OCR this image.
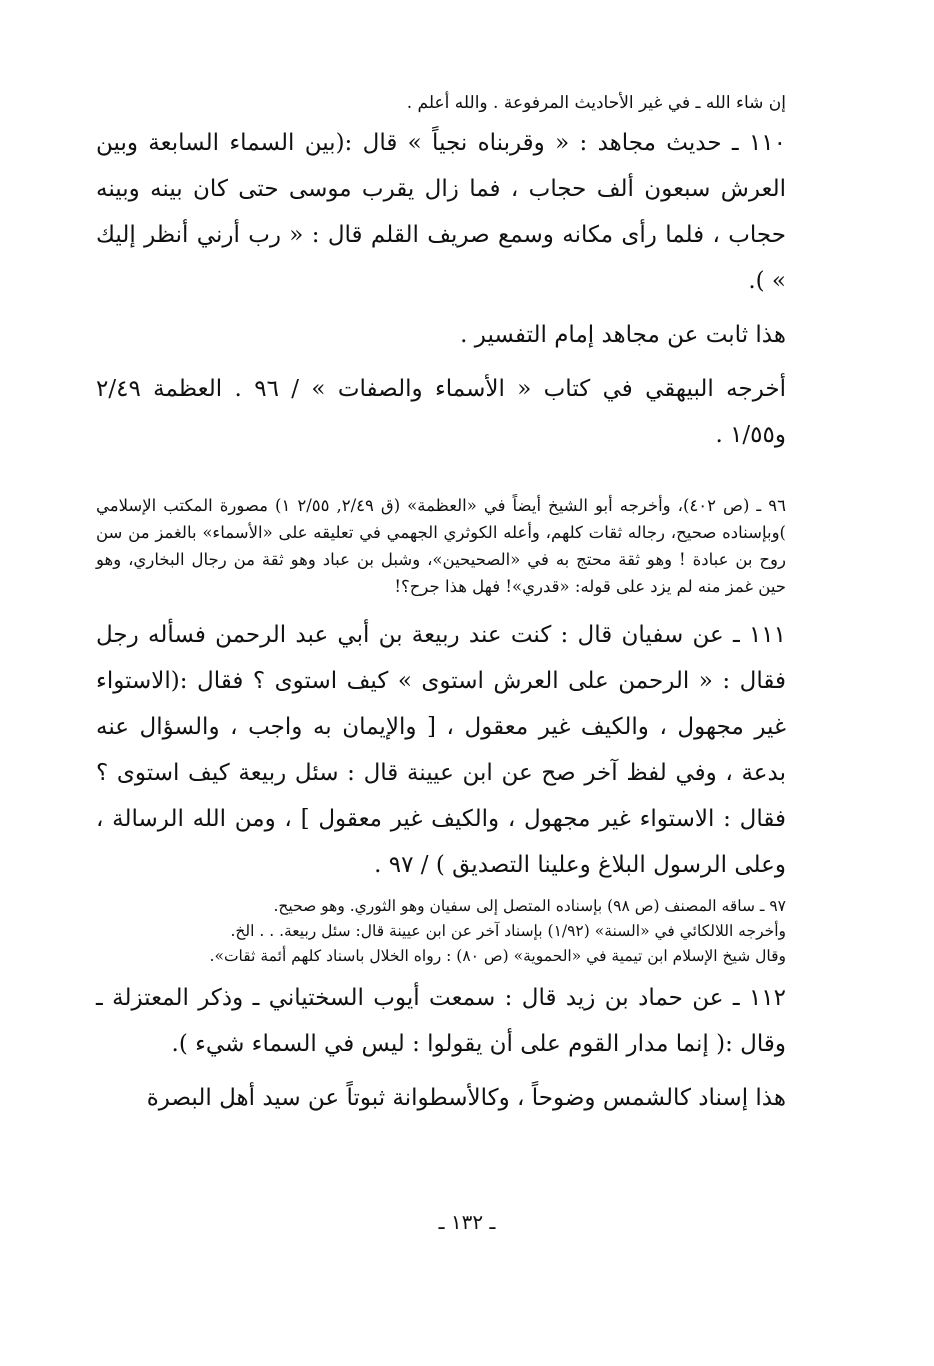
إن شاء الله ـ في غير الأحاديث المرفوعة . والله أعلم .

١١٠ ـ حديث مجاهد : « وقربناه نجياً » قال :(بين السماء السابعة وبين العرش سبعون ألف حجاب ، فما زال يقرب موسى حتى كان بينه وبينه حجاب ، فلما رأى مكانه وسمع صريف القلم قال : « رب أرني أنظر إليك » ).

هذا ثابت عن مجاهد إمام التفسير .

أخرجه البيهقي في كتاب « الأسماء والصفات » / ٩٦ . العظمة ٢/٤٩ و١/٥٥ .

٩٦ ـ (ص ٤٠٢)، وأخرجه أبو الشيخ أيضاً في «العظمة» (ق ٢/٤٩, ٢/٥٥ ١) مصورة المكتب الإسلامي )وبإسناده صحيح، رجاله ثقات كلهم، وأعله الكوثري الجهمي في تعليقه على «الأسماء» بالغمز من سن روح بن عبادة ! وهو ثقة محتج به في «الصحيحين»، وشبل بن عباد وهو ثقة من رجال البخاري، وهو حين غمز منه لم يزد على قوله: «قدري»! فهل هذا جرح؟!

١١١ ـ عن سفيان قال : كنت عند ربيعة بن أبي عبد الرحمن فسأله رجل فقال : « الرحمن على العرش استوى » كيف استوى ؟ فقال :(الاستواء غير مجهول ، والكيف غير معقول ، [ والإيمان به واجب ، والسؤال عنه بدعة ، وفي لفظ آخر صح عن ابن عيينة قال : سئل ربيعة كيف استوى ؟ فقال : الاستواء غير مجهول ، والكيف غير معقول ] ، ومن الله الرسالة ، وعلى الرسول البلاغ وعلينا التصديق ) / ٩٧ .

٩٧ ـ ساقه المصنف (ص ٩٨) بإسناده المتصل إلى سفيان وهو الثوري. وهو صحيح.

وأخرجه اللالكائي في «السنة» (١/٩٢) بإسناد آخر عن ابن عيينة قال: سئل ربيعة. . . الخ.

وقال شيخ الإسلام ابن تيمية في «الحموية» (ص ٨٠) : رواه الخلال باسناد كلهم أئمة ثقات».

١١٢ ـ عن حماد بن زيد قال : سمعت أيوب السختياني ـ وذكر المعتزلة ـ وقال :( إنما مدار القوم على أن يقولوا : ليس في السماء شيء ).

هذا إسناد كالشمس وضوحاً ، وكالأسطوانة ثبوتاً عن سيد أهل البصرة

ـ ١٣٢ ـ
